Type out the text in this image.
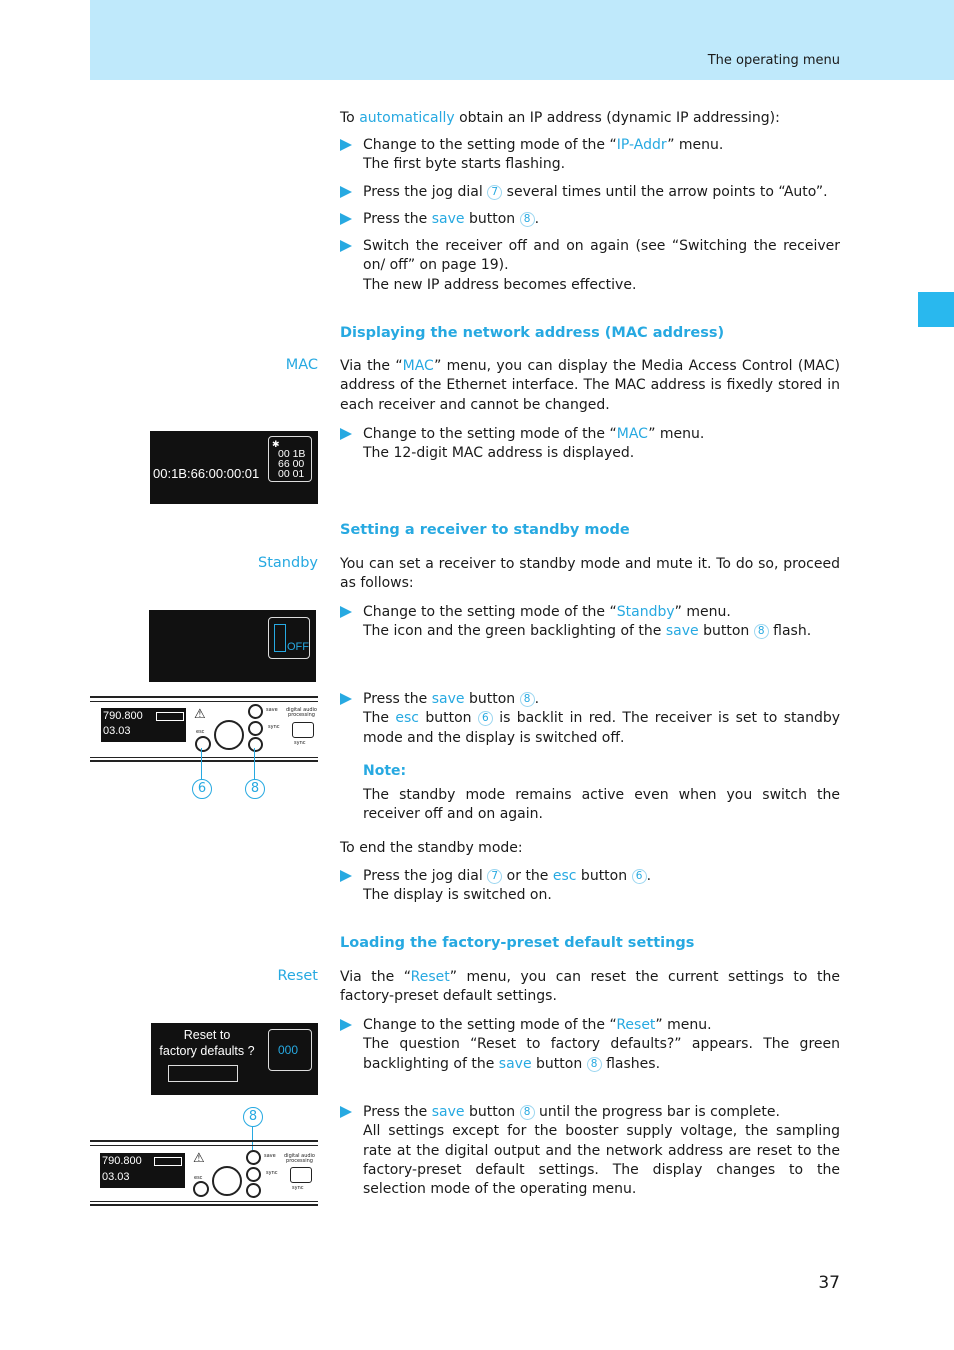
The operating menu
To automatically obtain an IP address (dynamic IP addressing):
Change to the setting mode of the “IP-Addr” menu.
The first byte starts flashing.
Press the jog dial 7 several times until the arrow points to “Auto”.
Press the save button 8 .
Switch the receiver off and on again (see “Switching the receiver on/ off” on page 19).
The new IP address becomes effective.
Displaying the network address (MAC address)
MAC Via the “MAC” menu, you can display the Media Access Control (MAC) address of the Ethernet interface. The MAC address is fixedly stored in each receiver and cannot be changed.
00:1B:66:00:00:01
✱
00 1B
66 00
00 01
Change to the setting mode of the “MAC” menu.
The 12-digit MAC address is displayed.
Setting a receiver to standby mode
Standby You can set a receiver to standby mode and mute it. To do so, proceed as follows:
OFF
Change to the setting mode of the “Standby” menu.
The icon and the green backlighting of the save button 8 flash.
790.800
03.03
⚠
esc
save
sync
digital audio
processing
sync
6	8
Press the save button 8 .
The esc button 6 is backlit in red. The receiver is set to standby mode and the display is switched off.
Note:
The standby mode remains active even when you switch the receiver off and on again.
To end the standby mode:
Press the jog dial 7 or the esc button 6 .
The display is switched on.
Loading the factory-preset default settings
Reset Via the “Reset” menu, you can reset the current settings to the factory-preset default settings.
Reset to
factory defaults ?	000
Change to the setting mode of the “Reset” menu.
The question “Reset to factory defaults?” appears. The green backlighting of the save button 8 flashes.
8
790.800
03.03
⚠
esc
save
sync
digital audio
processing
sync
Press the save button 8 until the progress bar is complete.
All settings except for the booster supply voltage, the sampling rate at the digital output and the network address are reset to the factory-preset default settings. The display changes to the selection mode of the operating menu.
37
